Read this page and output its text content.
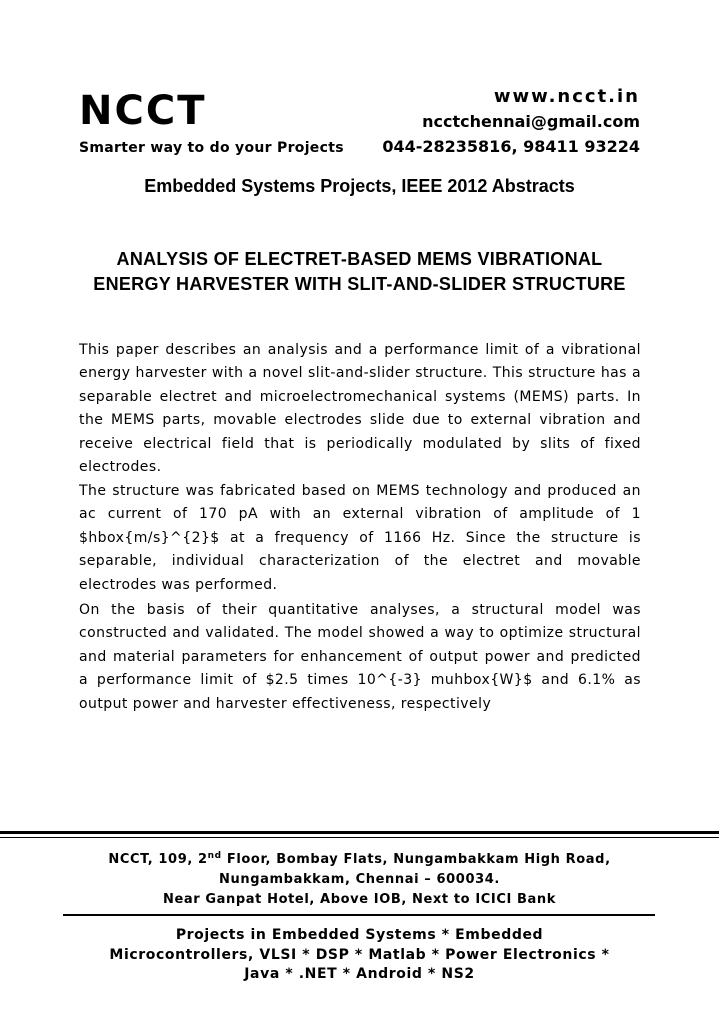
NCCT
Smarter way to do your Projects
www.ncct.in
ncctchennai@gmail.com
044-28235816, 98411 93224
Embedded Systems Projects, IEEE 2012 Abstracts
ANALYSIS OF ELECTRET-BASED MEMS VIBRATIONAL ENERGY HARVESTER WITH SLIT-AND-SLIDER STRUCTURE

This paper describes an analysis and a performance limit of a vibrational energy harvester with a novel slit-and-slider structure. This structure has a separable electret and microelectromechanical systems (MEMS) parts. In the MEMS parts, movable electrodes slide due to external vibration and receive electrical field that is periodically modulated by slits of fixed electrodes.

The structure was fabricated based on MEMS technology and produced an ac current of 170 pA with an external vibration of amplitude of 1 $hbox{m/s}^{2}$ at a frequency of 1166 Hz. Since the structure is separable, individual characterization of the electret and movable electrodes was performed.

On the basis of their quantitative analyses, a structural model was constructed and validated. The model showed a way to optimize structural and material parameters for enhancement of output power and predicted a performance limit of $2.5 times 10^{-3} muhbox{W}$ and 6.1% as output power and harvester effectiveness, respectively

NCCT, 109, 2nd Floor, Bombay Flats, Nungambakkam High Road,
Nungambakkam, Chennai – 600034.
Near Ganpat Hotel, Above IOB, Next to ICICI Bank
Projects in Embedded Systems * Embedded
Microcontrollers, VLSI * DSP * Matlab * Power Electronics *
Java * .NET * Android * NS2
